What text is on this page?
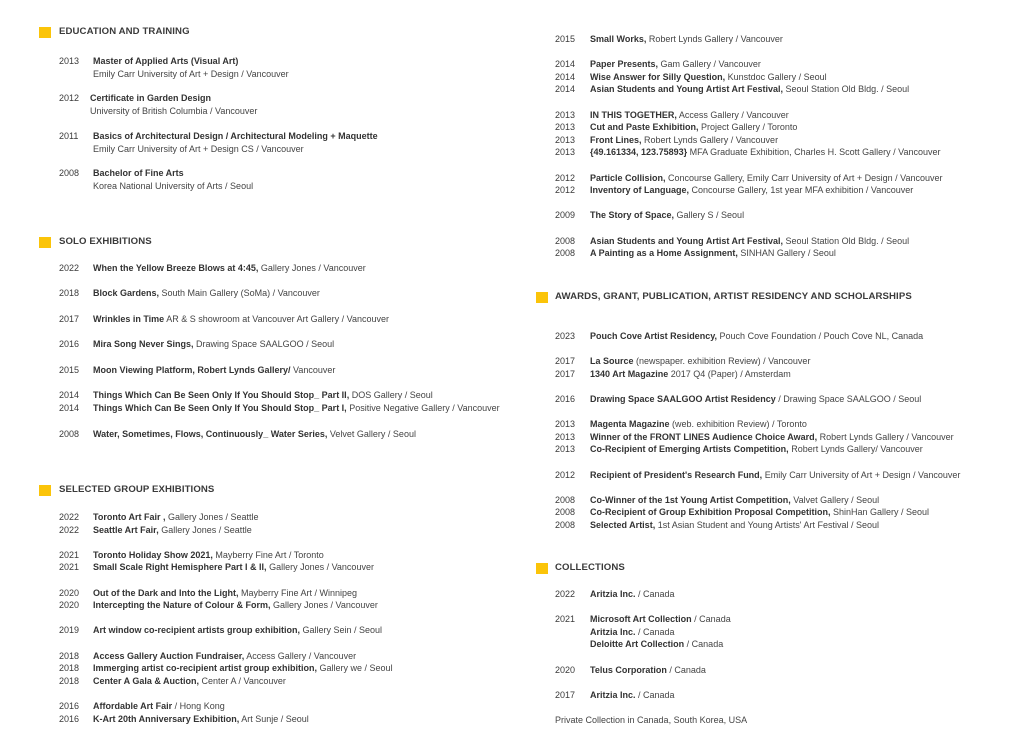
EDUCATION AND TRAINING
2013 Master of Applied Arts (Visual Art)
Emily Carr University of Art + Design / Vancouver
2012 Certificate in Garden Design
University of British Columbia / Vancouver
2011 Basics of Architectural Design / Architectural Modeling + Maquette
Emily Carr University of Art + Design CS / Vancouver
2008 Bachelor of Fine Arts
Korea National University of Arts / Seoul
SOLO EXHIBITIONS
2022 When the Yellow Breeze Blows at 4:45, Gallery Jones / Vancouver
2018 Block Gardens, South Main Gallery (SoMa) / Vancouver
2017 Wrinkles in Time AR & S showroom at Vancouver Art Gallery / Vancouver
2016 Mira Song Never Sings, Drawing Space SAALGOO / Seoul
2015 Moon Viewing Platform, Robert Lynds Gallery/ Vancouver
2014 Things Which Can Be Seen Only If You Should Stop_ Part II, DOS Gallery / Seoul
2014 Things Which Can Be Seen Only If You Should Stop_ Part I, Positive Negative Gallery / Vancouver
2008 Water, Sometimes, Flows, Continuously_ Water Series, Velvet Gallery / Seoul
SELECTED GROUP EXHIBITIONS
2022 Toronto Art Fair , Gallery Jones / Seattle
2022 Seattle Art Fair, Gallery Jones / Seattle
2021 Toronto Holiday Show 2021, Mayberry Fine Art / Toronto
2021 Small Scale Right Hemisphere Part I & II, Gallery Jones / Vancouver
2020 Out of the Dark and Into the Light, Mayberry Fine Art / Winnipeg
2020 Intercepting the Nature of Colour & Form, Gallery Jones / Vancouver
2019 Art window co-recipient artists group exhibition, Gallery Sein / Seoul
2018 Access Gallery Auction Fundraiser, Access Gallery / Vancouver
2018 Immerging artist co-recipient artist group exhibition, Gallery we / Seoul
2018 Center A Gala & Auction, Center A / Vancouver
2016 Affordable Art Fair / Hong Kong
2016 K-Art 20th Anniversary Exhibition, Art Sunje / Seoul
2015 Small Works, Robert Lynds Gallery / Vancouver
2014 Paper Presents, Gam Gallery / Vancouver
2014 Wise Answer for Silly Question, Kunstdoc Gallery / Seoul
2014 Asian Students and Young Artist Art Festival, Seoul Station Old Bldg. / Seoul
2013 IN THIS TOGETHER, Access Gallery / Vancouver
2013 Cut and Paste Exhibition, Project Gallery / Toronto
2013 Front Lines, Robert Lynds Gallery / Vancouver
2013 {49.161334, 123.75893} MFA Graduate Exhibition, Charles H. Scott Gallery / Vancouver
2012 Particle Collision, Concourse Gallery, Emily Carr University of Art + Design / Vancouver
2012 Inventory of Language, Concourse Gallery, 1st year MFA exhibition / Vancouver
2009 The Story of Space, Gallery S / Seoul
2008 Asian Students and Young Artist Art Festival, Seoul Station Old Bldg. / Seoul
2008 A Painting as a Home Assignment, SINHAN Gallery / Seoul
AWARDS, GRANT, PUBLICATION, ARTIST RESIDENCY AND SCHOLARSHIPS
2023 Pouch Cove Artist Residency, Pouch Cove Foundation / Pouch Cove NL, Canada
2017 La Source (newspaper. exhibition Review) / Vancouver
2017 1340 Art Magazine 2017 Q4 (Paper) / Amsterdam
2016 Drawing Space SAALGOO Artist Residency / Drawing Space SAALGOO / Seoul
2013 Magenta Magazine (web. exhibition Review) / Toronto
2013 Winner of the FRONT LINES Audience Choice Award, Robert Lynds Gallery / Vancouver
2013 Co-Recipient of Emerging Artists Competition, Robert Lynds Gallery/ Vancouver
2012 Recipient of President's Research Fund, Emily Carr University of Art + Design / Vancouver
2008 Co-Winner of the 1st Young Artist Competition, Valvet Gallery / Seoul
2008 Co-Recipient of Group Exhibition Proposal Competition, ShinHan Gallery / Seoul
2008 Selected Artist, 1st Asian Student and Young Artists' Art Festival / Seoul
COLLECTIONS
2022 Aritzia Inc. / Canada
2021 Microsoft Art Collection / Canada
Aritzia Inc. / Canada
Deloitte Art Collection / Canada
2020 Telus Corporation / Canada
2017 Aritzia Inc. / Canada
Private Collection in Canada, South Korea, USA
